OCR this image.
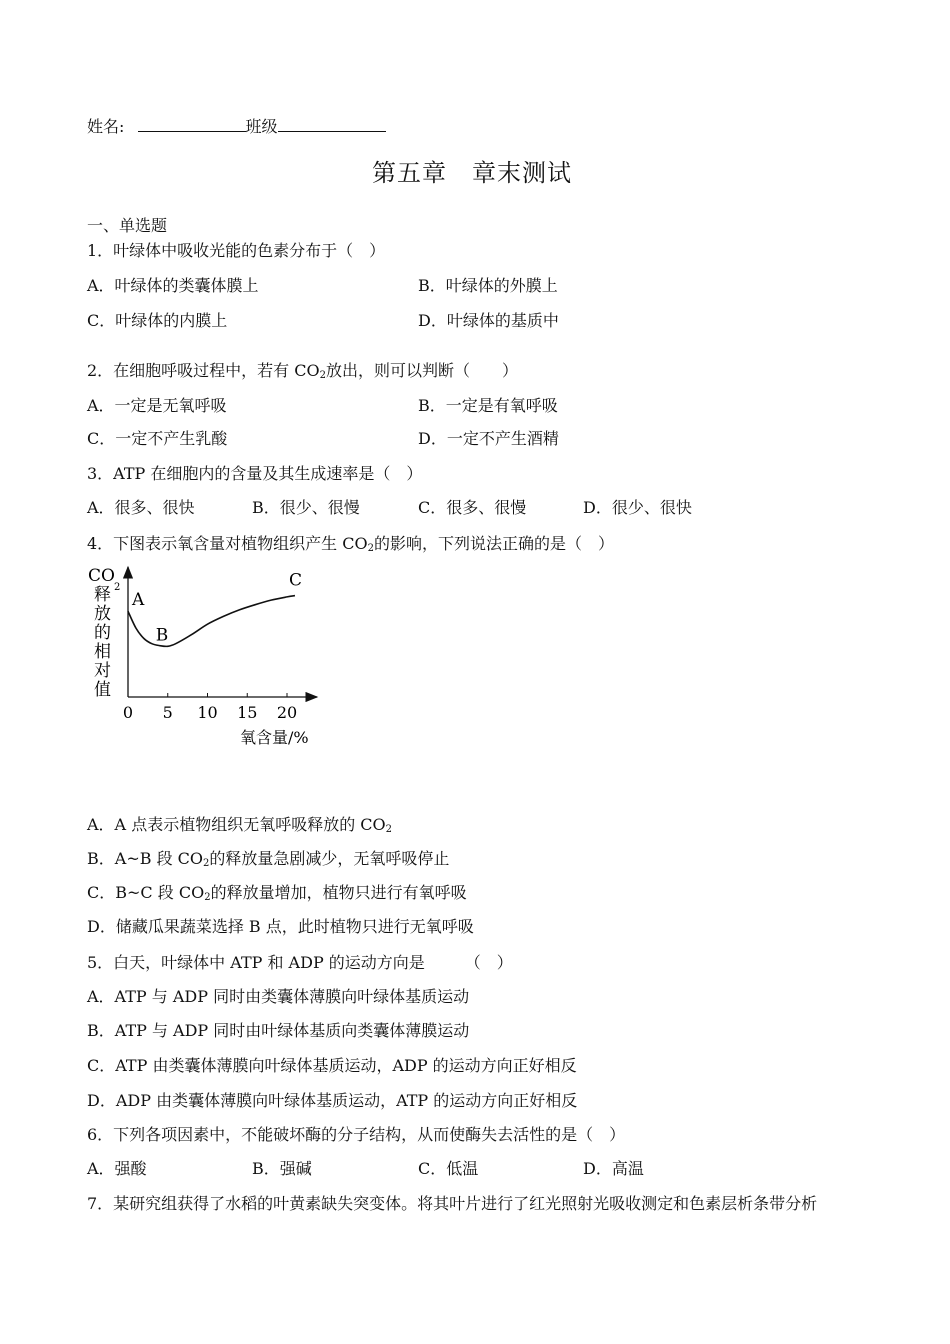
姓名:	班级
第五章　章末测试
一、单选题
1．叶绿体中吸收光能的色素分布于（　）
A．叶绿体的类囊体膜上	B．叶绿体的外膜上
C．叶绿体的内膜上	D．叶绿体的基质中
2．在细胞呼吸过程中，若有 $CO_2$放出，则可以判断（　　）
A．一定是无氧呼吸	B．一定是有氧呼吸
C．一定不产生乳酸	D．一定不产生酒精
3．ATP 在细胞内的含量及其生成速率是（　）
A．很多、很快	B．很少、很慢	C．很多、很慢	D．很少、很快
4．下图表示氧含量对植物组织产生 $CO_2$的影响，下列说法正确的是（　）
0 5 10 15 20
A
B
C
CO
2
释
放
的
相
对
值
氧含量/%
A．A 点表示植物组织无氧呼吸释放的 $CO_2$
B．A~B 段 $CO_2$的释放量急剧减少，无氧呼吸停止
C．B~C 段 $CO_2$的释放量增加，植物只进行有氧呼吸
D．储藏瓜果蔬菜选择 B 点，此时植物只进行无氧呼吸
5．白天，叶绿体中 ATP 和 ADP 的运动方向是　　　（　）
A．ATP 与 ADP 同时由类囊体薄膜向叶绿体基质运动
B．ATP 与 ADP 同时由叶绿体基质向类囊体薄膜运动
C．ATP 由类囊体薄膜向叶绿体基质运动，ADP 的运动方向正好相反
D．ADP 由类囊体薄膜向叶绿体基质运动，ATP 的运动方向正好相反
6．下列各项因素中，不能破坏酶的分子结构，从而使酶失去活性的是（　）
A．强酸	B．强碱	C．低温	D．高温
7．某研究组获得了水稻的叶黄素缺失突变体。将其叶片进行了红光照射光吸收测定和色素层析条带分析
